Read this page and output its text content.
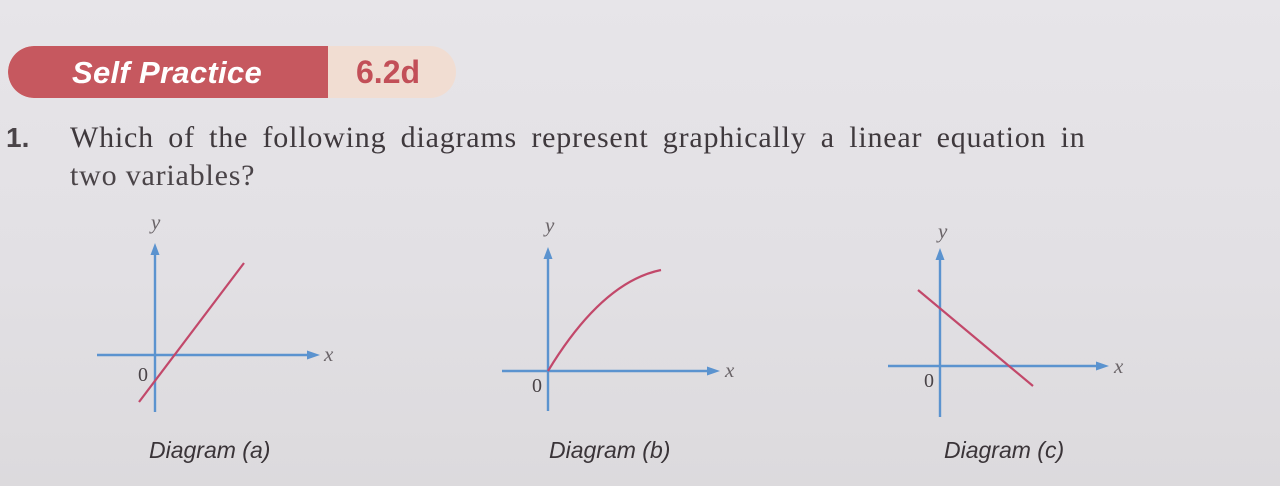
Self Practice	6.2d
1. Which of the following diagrams represent graphically a linear equation in
two variables?
y
x
0
y
x
0
y
x
0
Diagram (a)	Diagram (b)	Diagram (c)
